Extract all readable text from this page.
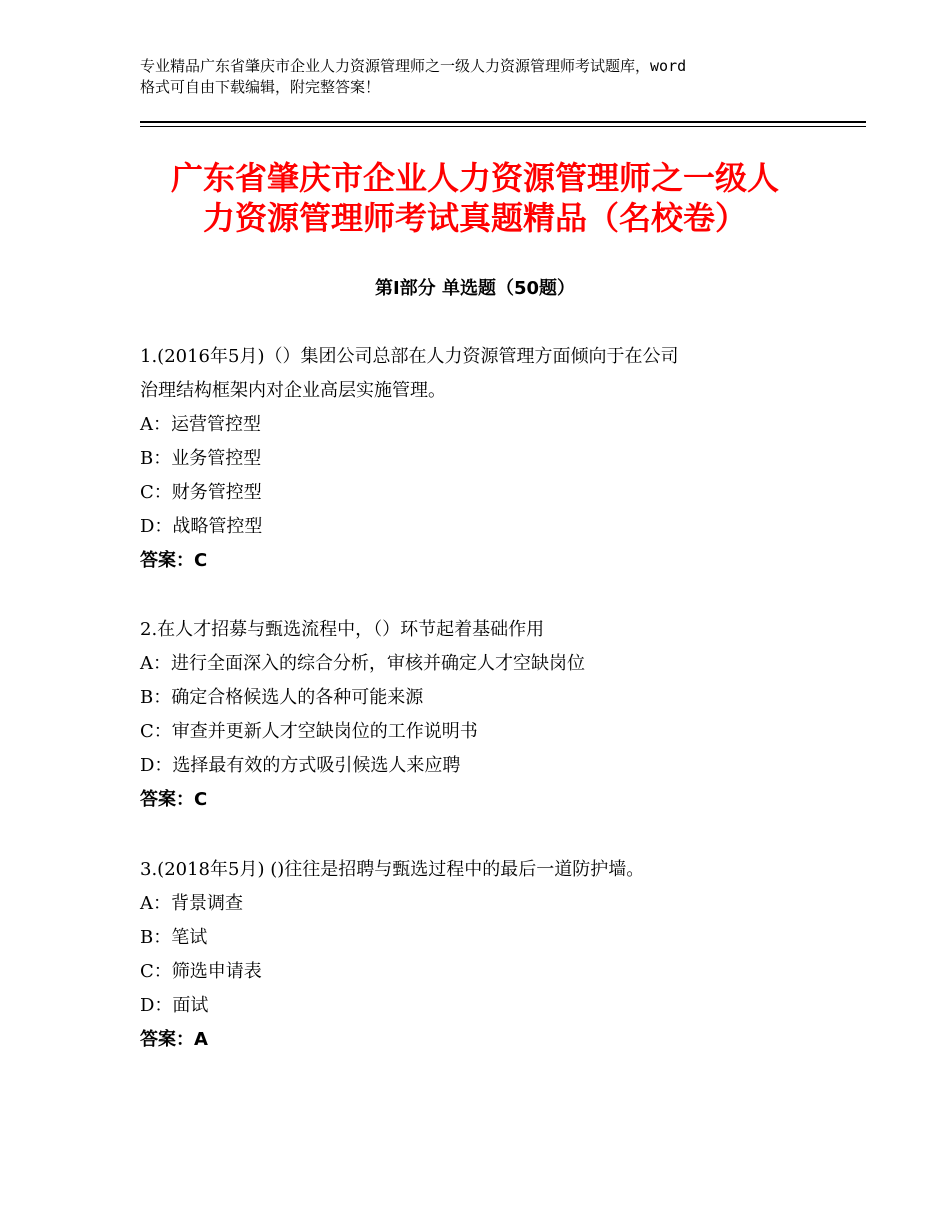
专业精品广东省肇庆市企业人力资源管理师之一级人力资源管理师考试题库，word
格式可自由下载编辑，附完整答案！
广东省肇庆市企业人力资源管理师之一级人
力资源管理师考试真题精品（名校卷）
第Ⅰ部分 单选题（50题）
1.(2016年5月)（）集团公司总部在人力资源管理方面倾向于在公司
治理结构框架内对企业高层实施管理。
A：运营管控型
B：业务管控型
C：财务管控型
D：战略管控型
答案：C
2.在人才招募与甄选流程中，（）环节起着基础作用
A：进行全面深入的综合分析，审核并确定人才空缺岗位
B：确定合格候选人的各种可能来源
C：审查并更新人才空缺岗位的工作说明书
D：选择最有效的方式吸引候选人来应聘
答案：C
3.(2018年5月) ()往往是招聘与甄选过程中的最后一道防护墙。
A：背景调查
B：笔试
C：筛选申请表
D：面试
答案：A
